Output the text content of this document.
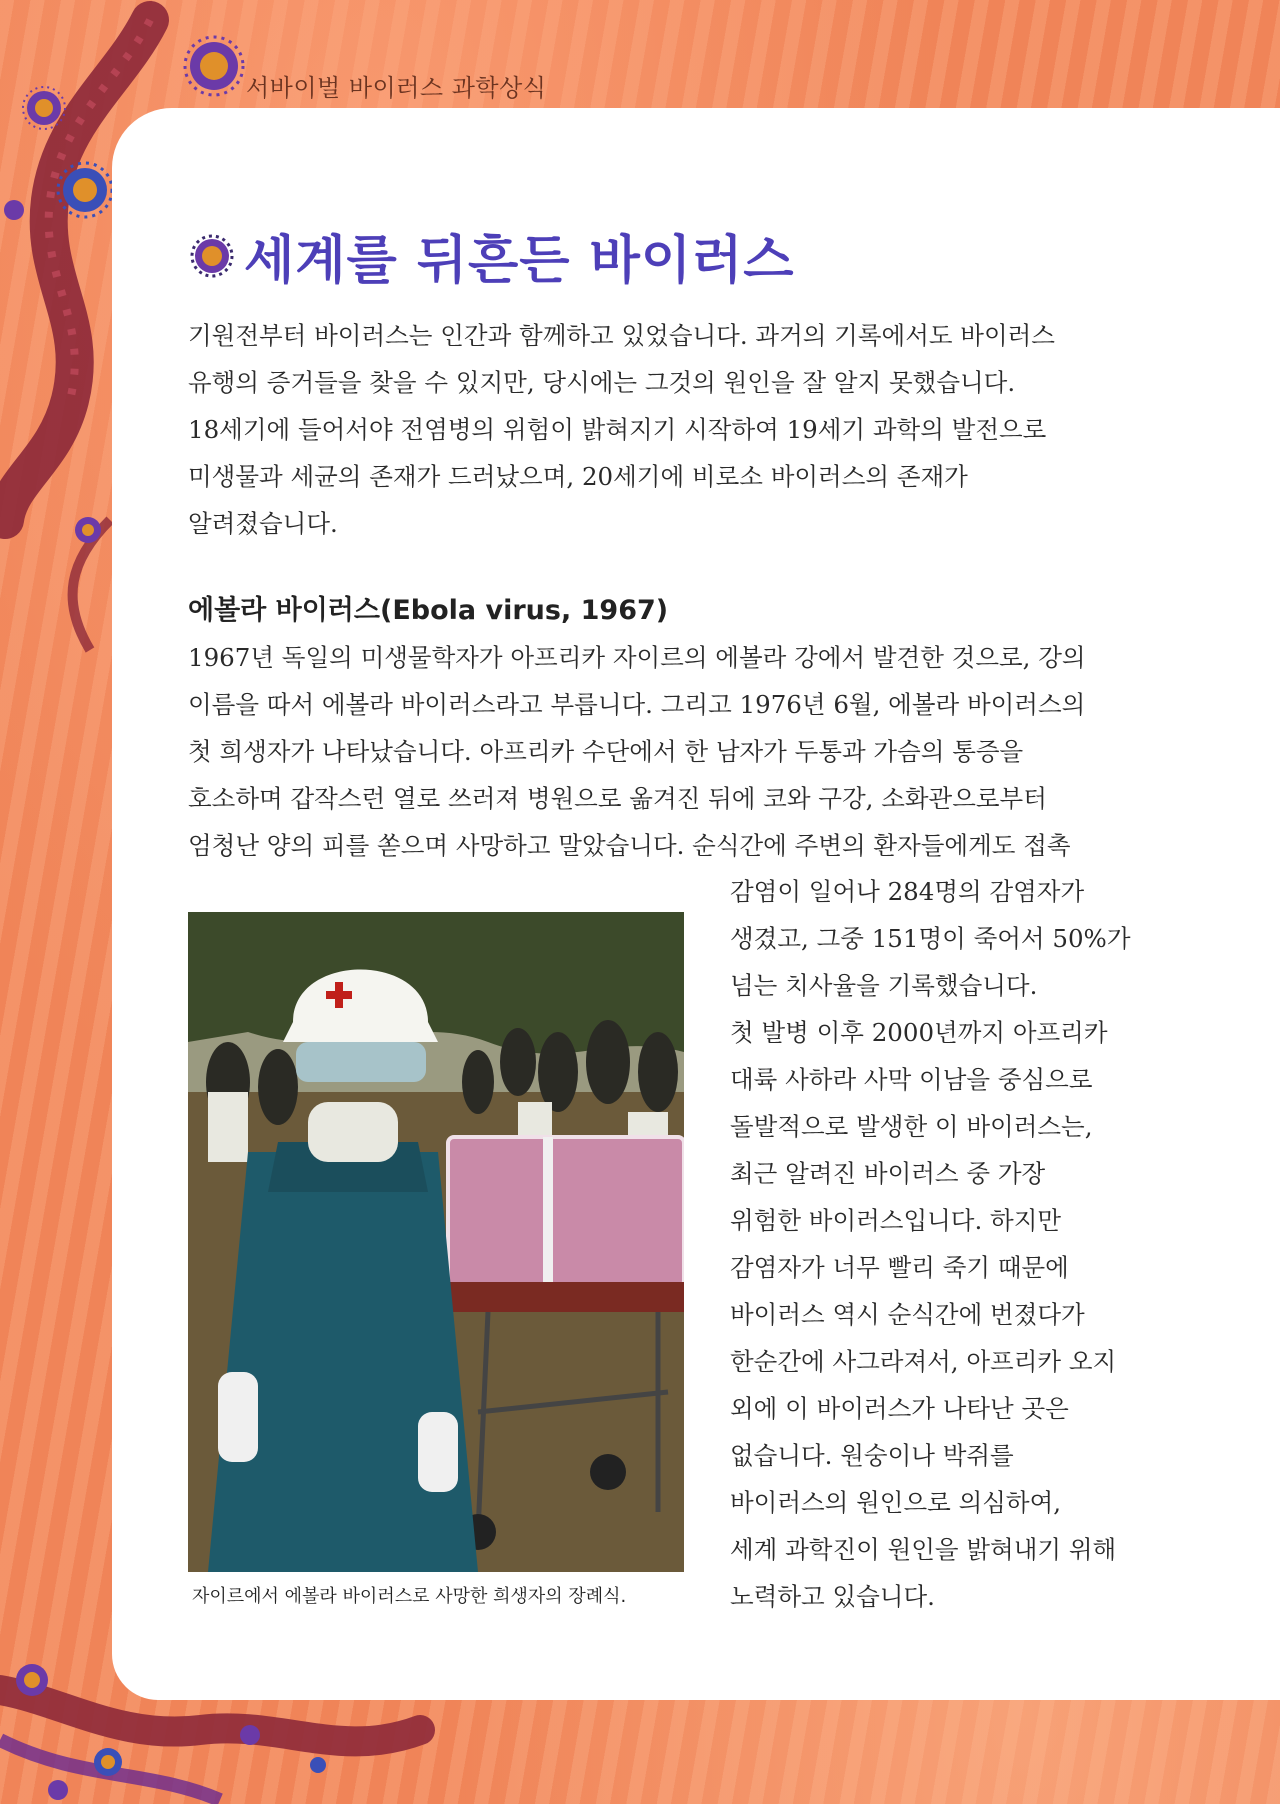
서바이벌 바이러스 과학상식
세계를 뒤흔든 바이러스

기원전부터 바이러스는 인간과 함께하고 있었습니다. 과거의 기록에서도 바이러스

유행의 증거들을 찾을 수 있지만, 당시에는 그것의 원인을 잘 알지 못했습니다.

18세기에 들어서야 전염병의 위험이 밝혀지기 시작하여 19세기 과학의 발전으로

미생물과 세균의 존재가 드러났으며, 20세기에 비로소 바이러스의 존재가

알려졌습니다.

에볼라 바이러스(Ebola virus, 1967)

1967년 독일의 미생물학자가 아프리카 자이르의 에볼라 강에서 발견한 것으로, 강의

이름을 따서 에볼라 바이러스라고 부릅니다. 그리고 1976년 6월, 에볼라 바이러스의

첫 희생자가 나타났습니다. 아프리카 수단에서 한 남자가 두통과 가슴의 통증을

호소하며 갑작스런 열로 쓰러져 병원으로 옮겨진 뒤에 코와 구강, 소화관으로부터

엄청난 양의 피를 쏟으며 사망하고 말았습니다. 순식간에 주변의 환자들에게도 접촉

자이르에서 에볼라 바이러스로 사망한 희생자의 장례식.

감염이 일어나 284명의 감염자가

생겼고, 그중 151명이 죽어서 50%가

넘는 치사율을 기록했습니다.

첫 발병 이후 2000년까지 아프리카

대륙 사하라 사막 이남을 중심으로

돌발적으로 발생한 이 바이러스는,

최근 알려진 바이러스 중 가장

위험한 바이러스입니다. 하지만

감염자가 너무 빨리 죽기 때문에

바이러스 역시 순식간에 번졌다가

한순간에 사그라져서, 아프리카 오지

외에 이 바이러스가 나타난 곳은

없습니다. 원숭이나 박쥐를

바이러스의 원인으로 의심하여,

세계 과학진이 원인을 밝혀내기 위해

노력하고 있습니다.
